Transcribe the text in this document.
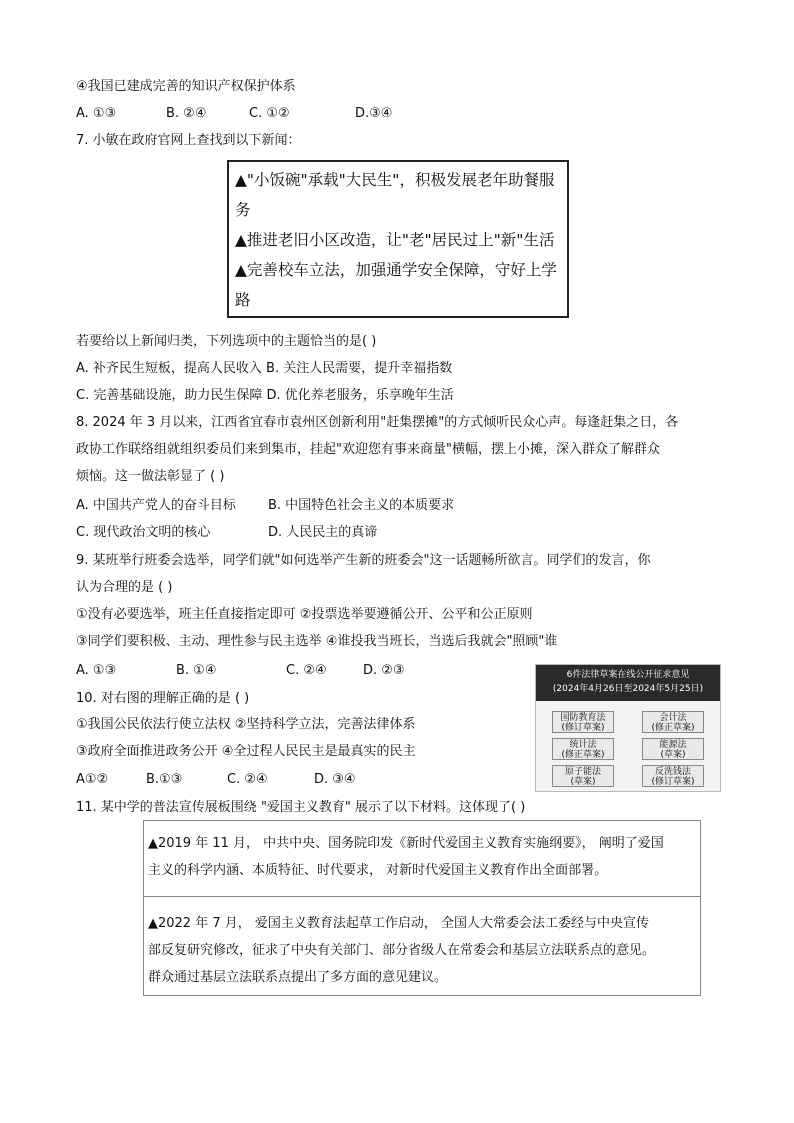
④我国已建成完善的知识产权保护体系
A. ①③	B. ②④	C. ①②	D.③④
7. 小敏在政府官网上查找到以下新闻：
▲"小饭碗"承载"大民生"，积极发展老年助餐服
务
▲推进老旧小区改造，让"老"居民过上"新"生活
▲完善校车立法，加强通学安全保障，守好上学
路
若要给以上新闻归类，下列选项中的主题恰当的是( )
A. 补齐民生短板，提高人民收入 B. 关注人民需要，提升幸福指数
C. 完善基础设施，助力民生保障 D. 优化养老服务，乐享晚年生活
8. 2024 年 3 月以来，江西省宜春市袁州区创新利用"赶集摆摊"的方式倾听民众心声。每逢赶集之日，各
政协工作联络组就组织委员们来到集市，挂起"欢迎您有事来商量"横幅，摆上小摊，深入群众了解群众
烦恼。这一做法彰显了 ( )
A. 中国共产党人的奋斗目标 B. 中国特色社会主义的本质要求
C. 现代政治文明的核心	D. 人民民主的真谛
9. 某班举行班委会选举，同学们就"如何选举产生新的班委会"这一话题畅所欲言。同学们的发言，你
认为合理的是 ( )
①没有必要选举，班主任直接指定即可 ②投票选举要遵循公开、公平和公正原则
③同学们要积极、主动、理性参与民主选举 ④谁投我当班长，当选后我就会"照顾"谁
A. ①③	B. ①④	C. ②④	D. ②③
10. 对右图的理解正确的是 ( )
①我国公民依法行使立法权 ②坚持科学立法，完善法律体系
③政府全面推进政务公开 ④全过程人民民主是最真实的民主
A①②	B.①③	C. ②④	D. ③④
6件法律草案在线公开征求意见
(2024年4月26日至2024年5月25日)
国防教育法
(修订草案)
会计法
(修正草案)
统计法
(修正草案)
能源法
(草案)
原子能法
(草案)
反洗钱法
(修订草案)
11. 某中学的普法宣传展板围绕 "爱国主义教育" 展示了以下材料。这体现了( )
▲2019 年 11 月， 中共中央、国务院印发《新时代爱国主义教育实施纲要》， 阐明了爱国
主义的科学内涵、本质特征、时代要求， 对新时代爱国主义教育作出全面部署。
▲2022 年 7 月， 爱国主义教育法起草工作启动， 全国人大常委会法工委经与中央宣传
部反复研究修改，征求了中央有关部门、部分省级人在常委会和基层立法联系点的意见。
群众通过基层立法联系点提出了多方面的意见建议。
